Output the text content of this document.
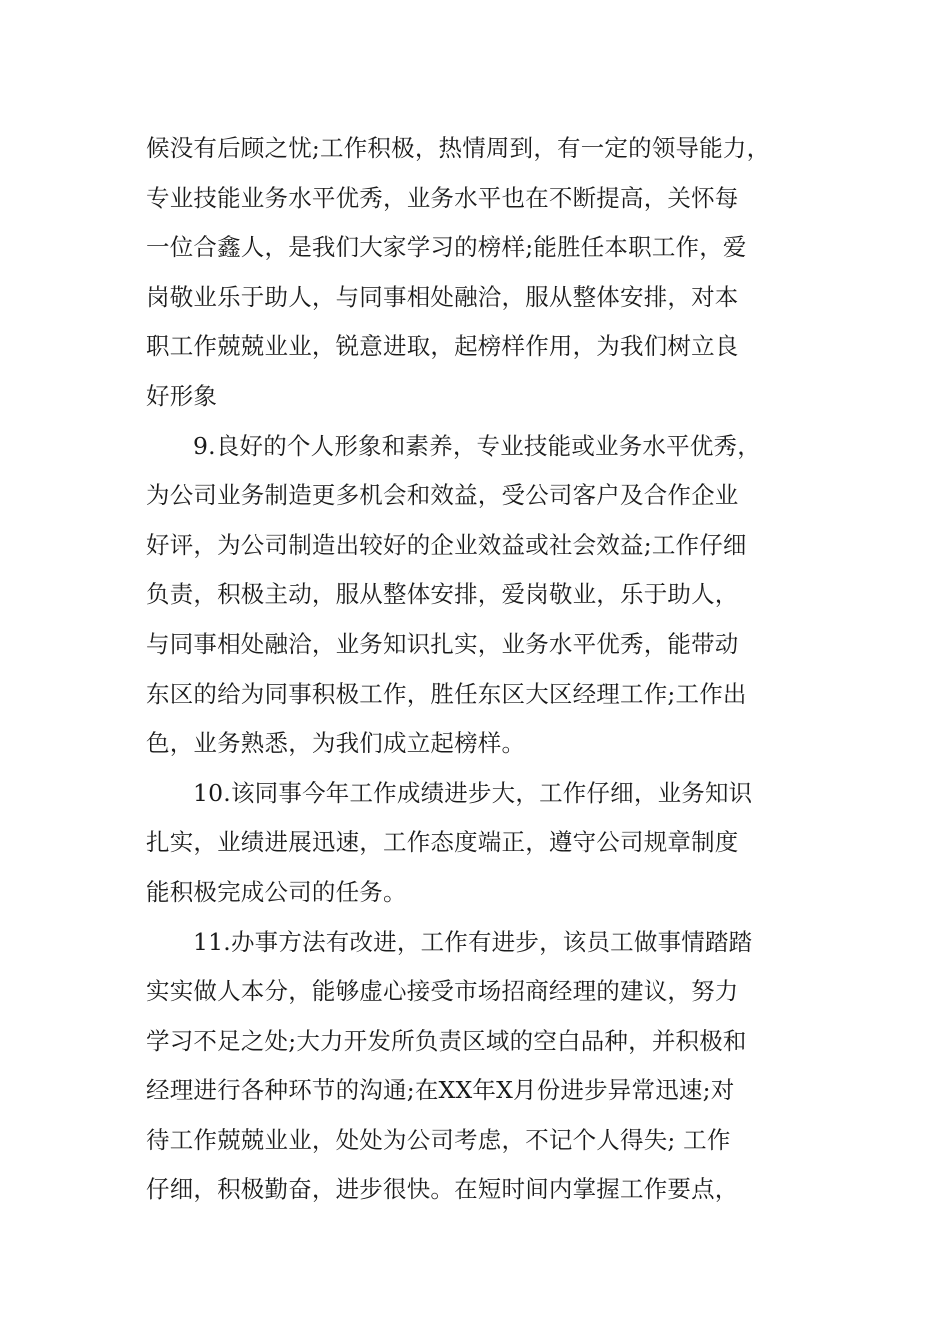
候没有后顾之忧;工作积极，热情周到，有一定的领导能力，
专业技能业务水平优秀，业务水平也在不断提高，关怀每
一位合鑫人，是我们大家学习的榜样;能胜任本职工作，爱
岗敬业乐于助人，与同事相处融洽，服从整体安排，对本
职工作兢兢业业，锐意进取，起榜样作用，为我们树立良
好形象
9.良好的个人形象和素养，专业技能或业务水平优秀，
为公司业务制造更多机会和效益，受公司客户及合作企业
好评，为公司制造出较好的企业效益或社会效益;工作仔细
负责，积极主动，服从整体安排，爱岗敬业，乐于助人，
与同事相处融洽，业务知识扎实，业务水平优秀，能带动
东区的给为同事积极工作，胜任东区大区经理工作;工作出
色，业务熟悉，为我们成立起榜样。
10.该同事今年工作成绩进步大，工作仔细，业务知识
扎实，业绩进展迅速，工作态度端正，遵守公司规章制度
能积极完成公司的任务。
11.办事方法有改进，工作有进步，该员工做事情踏踏
实实做人本分，能够虚心接受市场招商经理的建议，努力
学习不足之处;大力开发所负责区域的空白品种，并积极和
经理进行各种环节的沟通;在XX年X月份进步异常迅速;对
待工作兢兢业业，处处为公司考虑，不记个人得失; 工作
仔细，积极勤奋，进步很快。在短时间内掌握工作要点，
